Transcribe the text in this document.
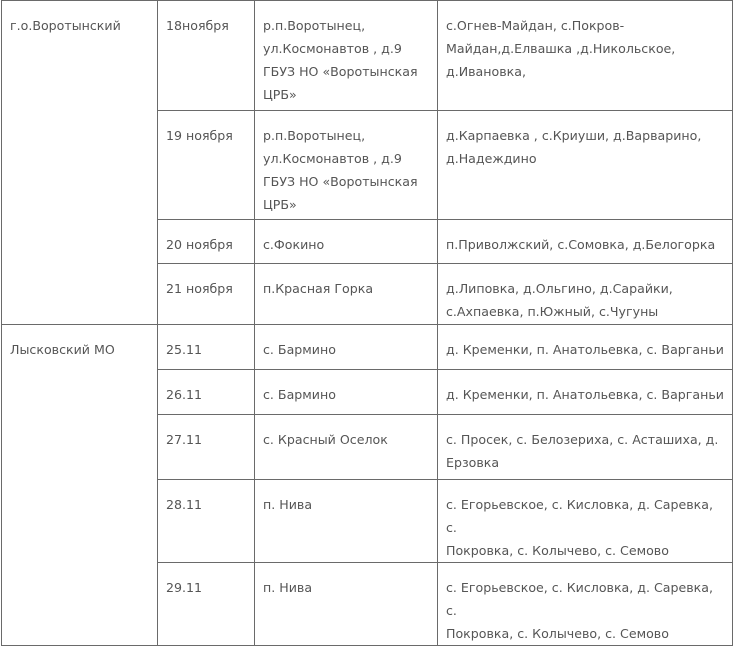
г.о.Воротынский	18ноября	р.п.Воротынец,
ул.Космонавтов , д.9
ГБУЗ НО «Воротынская
ЦРБ»	с.Огнев-Майдан, с.Покров-
Майдан,д.Елвашка ,д.Никольское,
д.Ивановка,
	19 ноября	р.п.Воротынец,
ул.Космонавтов , д.9
ГБУЗ НО «Воротынская
ЦРБ»	д.Карпаевка , с.Криуши, д.Варварино,
д.Надеждино
	20 ноября	с.Фокино	п.Приволжский, с.Сомовка, д.Белогорка
	21 ноября	п.Красная Горка	д.Липовка, д.Ольгино, д.Сарайки,
с.Ахпаевка, п.Южный, с.Чугуны
Лысковский МО	25.11	с. Бармино	д. Кременки, п. Анатольевка, с. Варганьи
	26.11	с. Бармино	д. Кременки, п. Анатольевка, с. Варганьи
	27.11	с. Красный Оселок	с. Просек, с. Белозериха, с. Асташиха, д.
Ерзовка
	28.11	п. Нива	с. Егорьевское, с. Кисловка, д. Саревка, с.
Покровка, с. Колычево, с. Семово
	29.11	п. Нива	с. Егорьевское, с. Кисловка, д. Саревка, с.
Покровка, с. Колычево, с. Семово
